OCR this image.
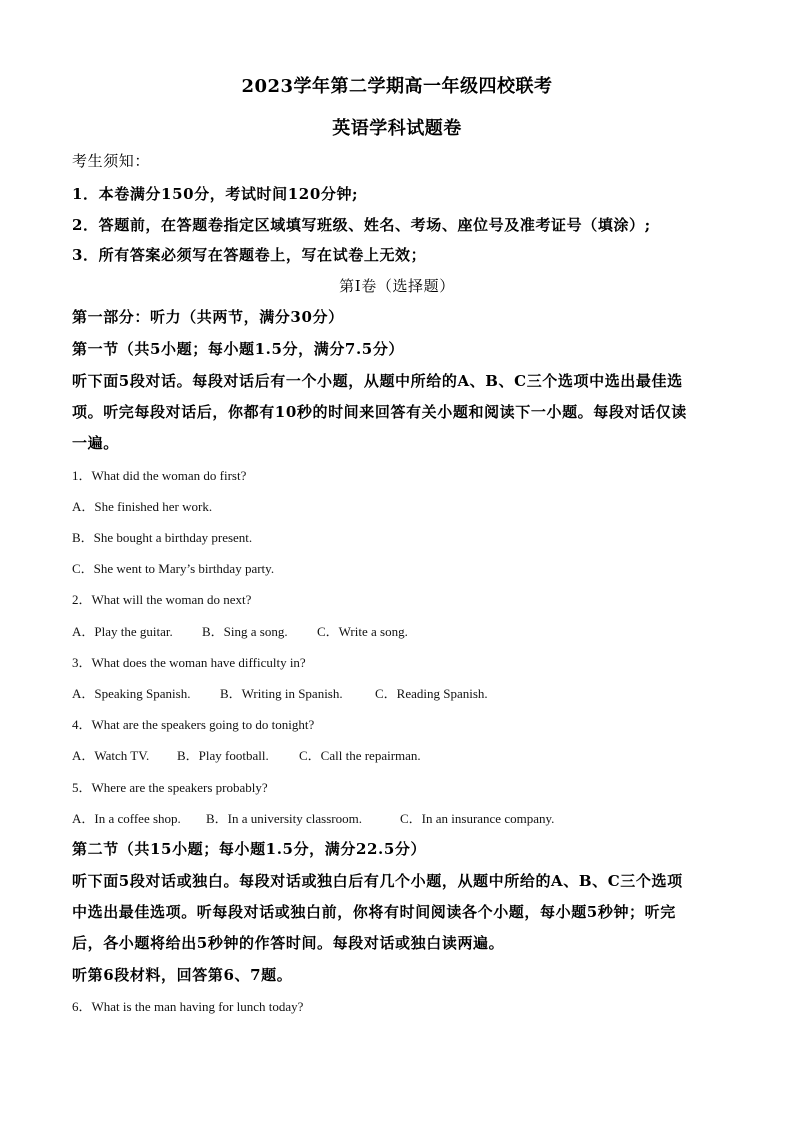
2023学年第二学期高一年级四校联考
英语学科试题卷
考生须知：
1．本卷满分150分，考试时间120分钟;
2．答题前，在答题卷指定区域填写班级、姓名、考场、座位号及准考证号（填涂）;
3．所有答案必须写在答题卷上，写在试卷上无效；
第I卷（选择题）
第一部分：听力（共两节，满分30分）
第一节（共5小题；每小题1.5分，满分7.5分）
听下面5段对话。每段对话后有一个小题，从题中所给的A、B、C三个选项中选出最佳选
项。听完每段对话后，你都有10秒的时间来回答有关小题和阅读下一小题。每段对话仅读
一遍。
1．What did the woman do first?
A．She finished her work.
B．She bought a birthday present.
C．She went to Mary’s birthday party.
2．What will the woman do next?
A．Play the guitar. B．Sing a song. C．Write a song.
3．What does the woman have difficulty in?
A．Speaking Spanish. B．Writing in Spanish. C．Reading Spanish.
4．What are the speakers going to do tonight?
A．Watch TV. B．Play football. C．Call the repairman.
5．Where are the speakers probably?
A．In a coffee shop. B．In a university classroom.	C．In an insurance company.
第二节（共15小题；每小题1.5分，满分22.5分）
听下面5段对话或独白。每段对话或独白后有几个小题，从题中所给的A、B、C三个选项
中选出最佳选项。听每段对话或独白前，你将有时间阅读各个小题，每小题5秒钟；听完
后，各小题将给出5秒钟的作答时间。每段对话或独白读两遍。
听第6段材料，回答第6、7题。
6．What is the man having for lunch today?
